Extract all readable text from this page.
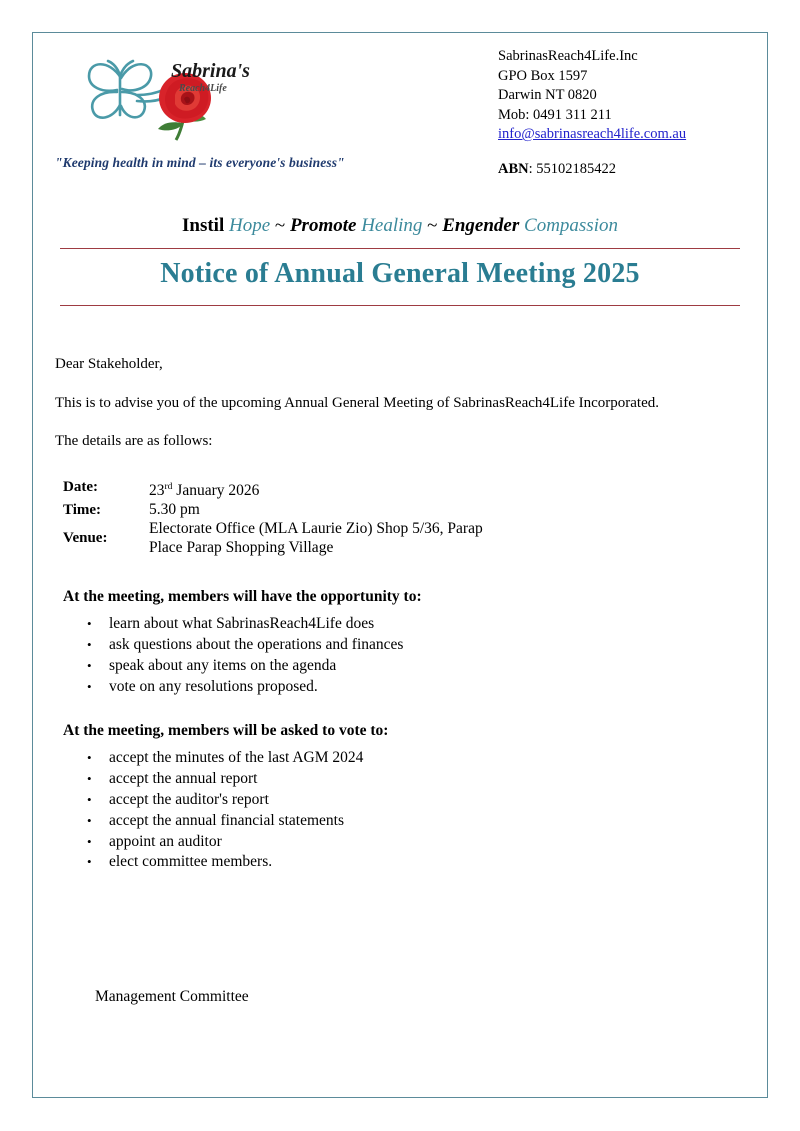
Sabrina's
Reach4Life
"Keeping health in mind – its everyone's business"
SabrinasReach4Life.Inc
GPO Box 1597
Darwin NT 0820
Mob: 0491 311 211
info@sabrinasreach4life.com.au
ABN: 55102185422
Instil Hope ~ Promote Healing ~ Engender Compassion
Notice of Annual General Meeting 2025

Dear Stakeholder,

This is to advise you of the upcoming Annual General Meeting of SabrinasReach4Life Incorporated.

The details are as follows:

Date:	23rd January 2026
Time:	5.30 pm
Venue:	Electorate Office (MLA Laurie Zio) Shop 5/36, Parap
Place Parap Shopping Village
At the meeting, members will have the opportunity to:
• learn about what SabrinasReach4Life does
• ask questions about the operations and finances
• speak about any items on the agenda
• vote on any resolutions proposed.
At the meeting, members will be asked to vote to:
• accept the minutes of the last AGM 2024
• accept the annual report
• accept the auditor's report
• accept the annual financial statements
• appoint an auditor
• elect committee members.
Management Committee
